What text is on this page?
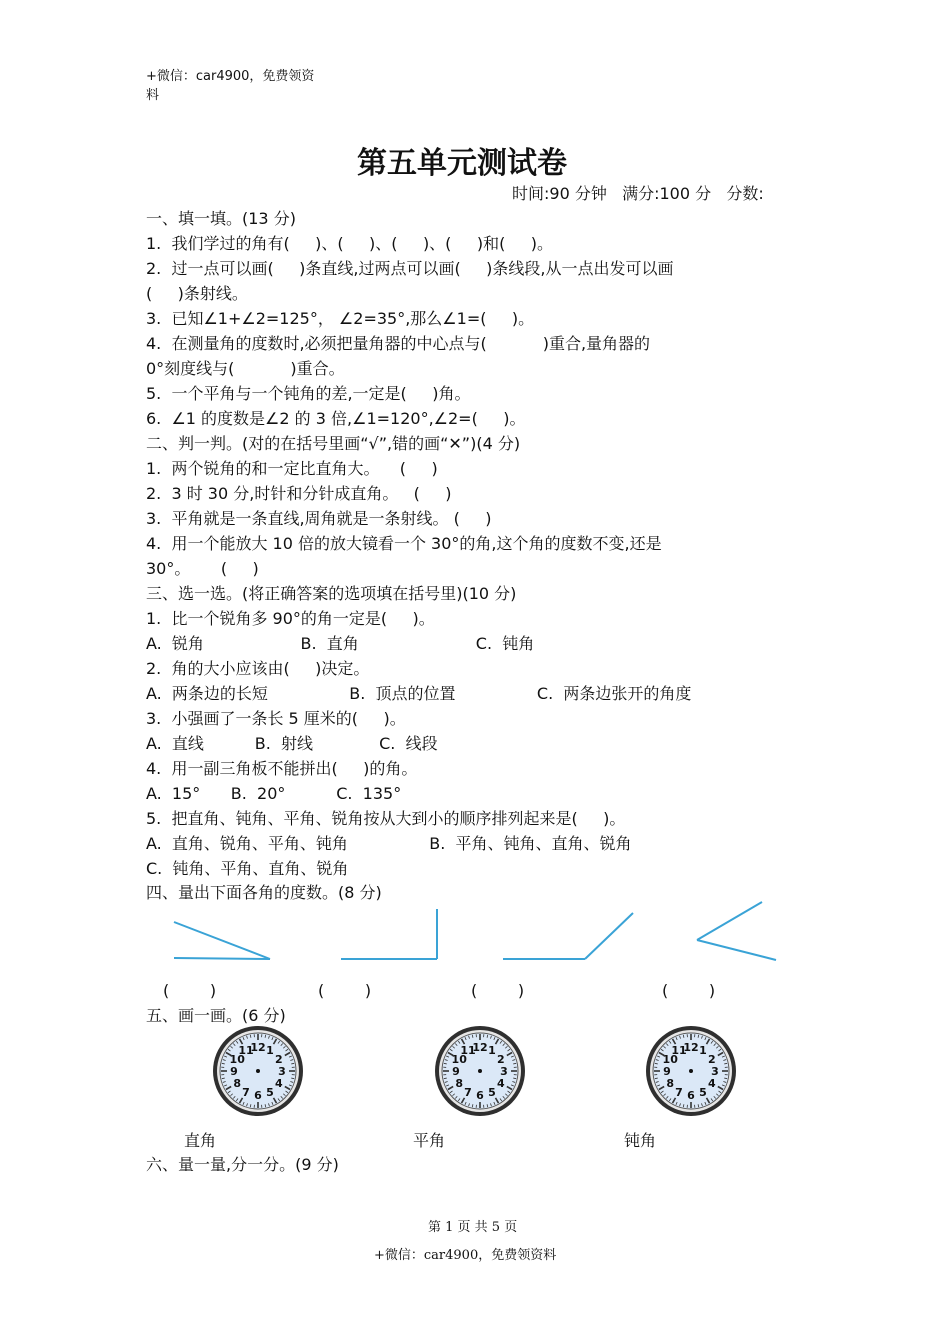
+微信：car4900，免费领资
料
第五单元测试卷
时间:90 分钟   满分:100 分   分数:
一、填一填。(13 分)
1.  我们学过的角有(     )、(     )、(     )、(     )和(     )。
2.  过一点可以画(     )条直线,过两点可以画(     )条线段,从一点出发可以画
(     )条射线。
3.  已知∠1+∠2=125°， ∠2=35°,那么∠1=(     )。
4.  在测量角的度数时,必须把量角器的中心点与(           )重合,量角器的
0°刻度线与(           )重合。
5.  一个平角与一个钝角的差,一定是(     )角。
6.  ∠1 的度数是∠2 的 3 倍,∠1=120°,∠2=(     )。
二、判一判。(对的在括号里画“√”,错的画“✕”)(4 分)
1.  两个锐角的和一定比直角大。    (     )
2.  3 时 30 分,时针和分针成直角。   (     )
3.  平角就是一条直线,周角就是一条射线。 (     )
4.  用一个能放大 10 倍的放大镜看一个 30°的角,这个角的度数不变,还是
30°。      (     )
三、选一选。(将正确答案的选项填在括号里)(10 分)
1.  比一个锐角多 90°的角一定是(     )。
A.  锐角                   B.  直角                       C.  钝角
2.  角的大小应该由(     )决定。
A.  两条边的长短                B.  顶点的位置                C.  两条边张开的角度
3.  小强画了一条长 5 厘米的(     )。
A.  直线          B.  射线             C.  线段
4.  用一副三角板不能拼出(     )的角。
A.  15°      B.  20°          C.  135°
5.  把直角、钝角、平角、锐角按从大到小的顺序排列起来是(     )。
A.  直角、锐角、平角、钝角                B.  平角、钝角、直角、锐角
C.  钝角、平角、直角、锐角
四、量出下面各角的度数。(8 分)
(        )	(        )	(        )	(        )
五、画一画。(6 分)
12 1
2
3
4
5
6
7
8
9
10
11	12 1
2
3
4
5
6
7
8
9
10
11	12 1
2
3
4
5
6
7
8
9
10
11
直角	平角	钝角
六、量一量,分一分。(9 分)
第 1 页 共 5 页
+微信：car4900，免费领资料
